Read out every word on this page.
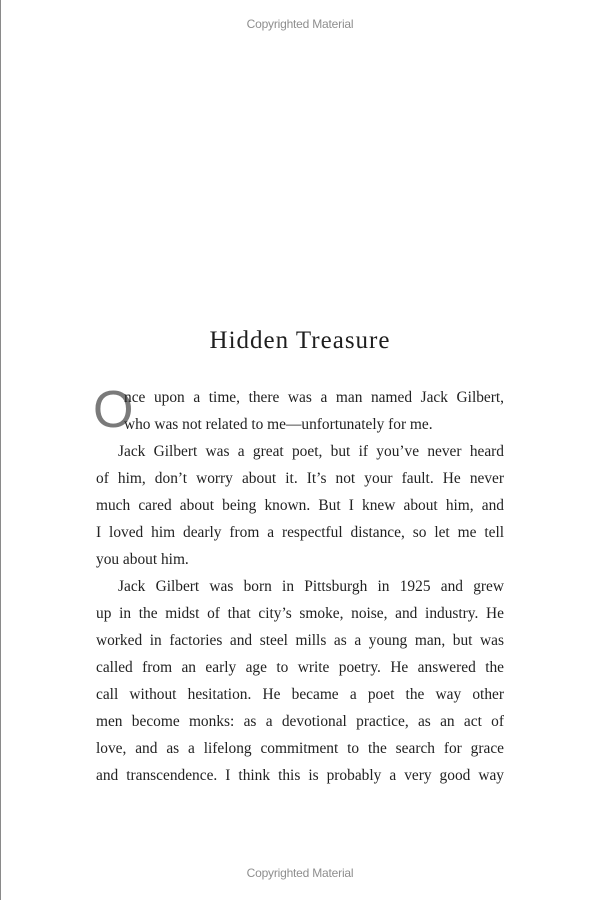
Copyrighted Material
Hidden Treasure
O
nce upon a time, there was a man named Jack Gilbert,
who was not related to me—unfortunately for me.
Jack Gilbert was a great poet, but if you’ve never heard
of him, don’t worry about it. It’s not your fault. He never
much cared about being known. But I knew about him, and
I loved him dearly from a respectful distance, so let me tell
you about him.
Jack Gilbert was born in Pittsburgh in 1925 and grew
up in the midst of that city’s smoke, noise, and industry. He
worked in factories and steel mills as a young man, but was
called from an early age to write poetry. He answered the
call without hesitation. He became a poet the way other
men become monks: as a devotional practice, as an act of
love, and as a lifelong commitment to the search for grace
and transcendence. I think this is probably a very good way
Copyrighted Material
